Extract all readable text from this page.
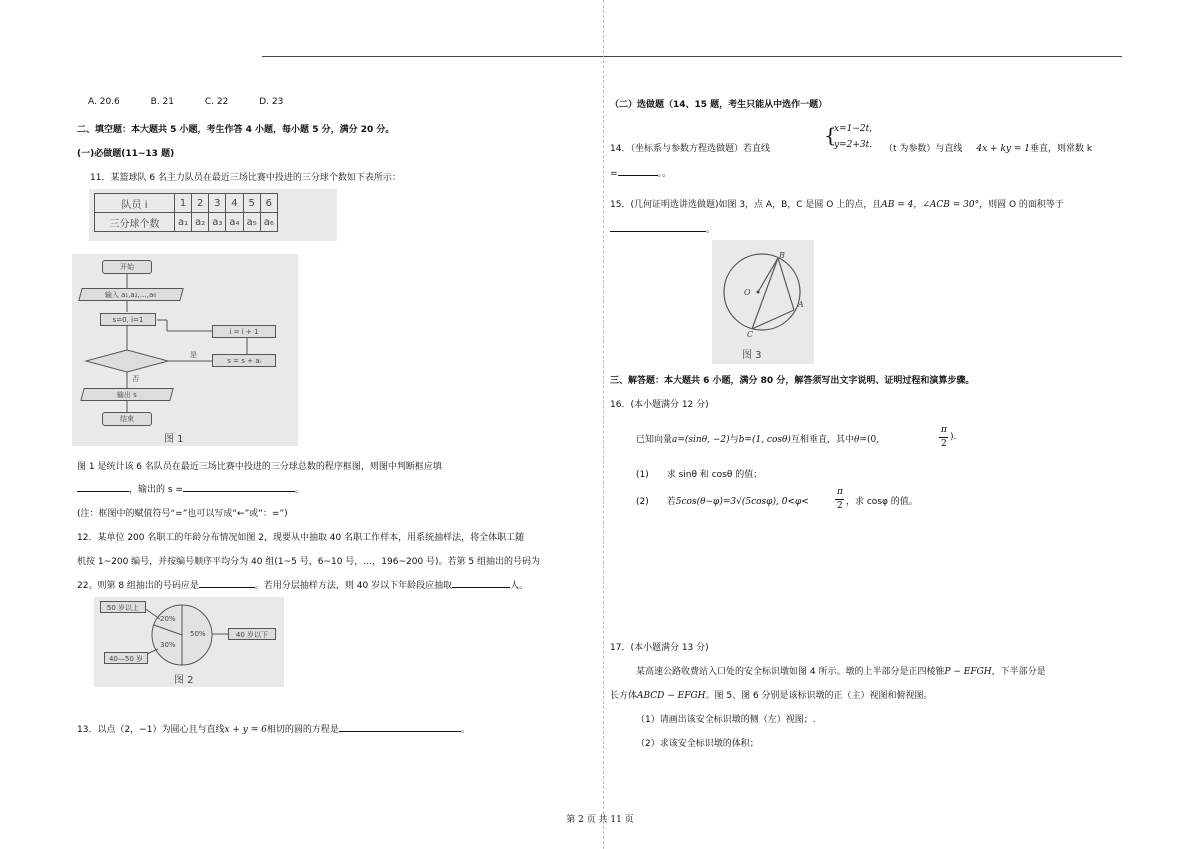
A. 20.6	B. 21	C. 22	D. 23
二、填空题：本大题共 5 小题，考生作答 4 小题，每小题 5 分，满分 20 分。
(一)必做题(11~13 题)
11．某篮球队 6 名主力队员在最近三场比赛中投进的三分球个数如下表所示：
队员 i	1	2	3	4	5	6
三分球个数	a₁	a₂	a₃	a₄	a₅	a₆
开始
输入 a₁,a₂,…,a₆
s=0, i=1
i = i + 1
s = s + aᵢ
是
否
输出 s
结束
图 1
图 1 是统计该 6 名队员在最近三场比赛中投进的三分球总数的程序框图，则图中判断框应填
，输出的 s =	。
(注：框图中的赋值符号“=”也可以写成“←”或“：=”)
12．某单位 200 名职工的年龄分布情况如图 2，现要从中抽取 40 名职工作样本，用系统抽样法，将全体职工随
机按 1~200 编号，并按编号顺序平均分为 40 组(1~5 号，6~10 号，…，196~200 号)。若第 5 组抽出的号码为
22。则第 8 组抽出的号码应是	。若用分层抽样方法，则 40 岁以下年龄段应抽取	人。
50 岁以上
40—50 岁
40 岁以下
20%
30%
50%
图 2
13．以点（2，−1）为圆心且与直线x + y = 6相切的圆的方程是	。
（二）选做题（14、15 题，考生只能从中选作一题）
14．（坐标系与参数方程选做题）若直线
{
x=1−2t,
y=2+3t. （t 为参数）与直线 4x + ky = 1垂直，则常数 k
=	。。
15．(几何证明选讲选做题)如图 3，点 A，B，C 是圆 O 上的点，且AB = 4，∠ACB = 30°，则圆 O 的面积等于
。
B
O
A
C
图 3
三、解答题：本大题共 6 小题，满分 80 分，解答须写出文字说明、证明过程和演算步骤。
16．(本小题满分 12 分)
已知向量a=(sinθ, −2)与b=(1, cosθ)互相垂直，其中θ=(0,
π
2
).
(1) 求 sinθ 和 cosθ 的值；
(2) 若5cos(θ−φ)=3√(5cosφ), 0<φ<
π
2 ，求 cosφ 的值。
17．(本小题满分 13 分)
某高速公路收费站入口处的安全标识墩如图 4 所示。墩的上半部分是正四棱锥P − EFGH，下半部分是
长方体ABCD − EFGH。图 5、图 6 分别是该标识墩的正（主）视图和俯视图。
（1）请画出该安全标识墩的侧（左）视图；.
（2）求该安全标识墩的体积；
第 2 页 共 11 页
